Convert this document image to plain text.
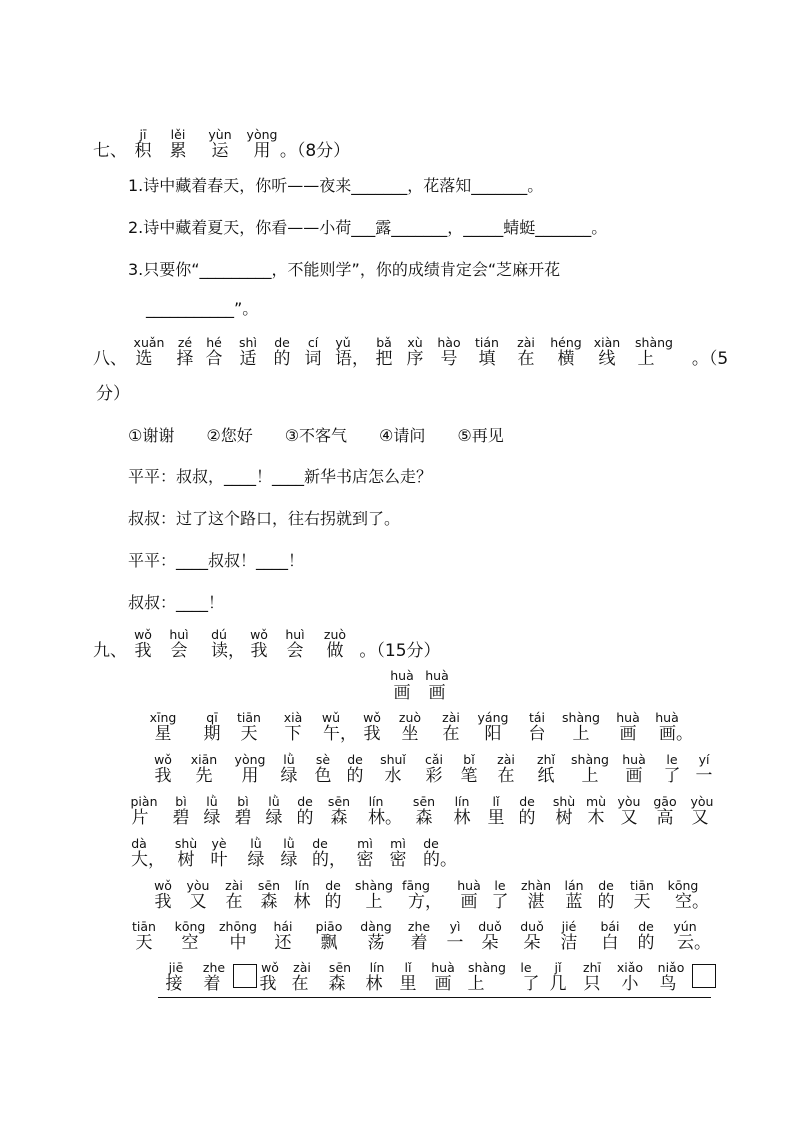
jī lěi yùn yòng
七、 积 累 运 用 。（8分）
1.诗中藏着春天，你听——夜来_______，花落知_______。
2.诗中藏着夏天，你看——小荷___露_______，_____蜻蜓_______。
3.只要你“_________，不能则学”，你的成绩肯定会“芝麻开花
___________”。
xuǎn zé hé shì de cí yǔ bǎ xù hào tián zài héng xiàn shàng
八、 选 择 合 适 的 词 语， 把 序 号 填 在 横 线 上 。（5
分）
①谢谢　　②您好　　③不客气　　④请问　　⑤再见
平平：叔叔，____！____新华书店怎么走？
叔叔：过了这个路口，往右拐就到了。
平平：____叔叔！____！
叔叔：____！
wǒ huì dú wǒ huì zuò
九、 我 会 读， 我 会 做 。（15分）
huà huà
画 画
xīng qī tiān xià wǔ wǒ zuò zài yáng tái shàng huà huà
星 期 天 下 午， 我 坐 在 阳 台 上 画 画。
wǒ xiān yòng lǜ sè de shuǐ cǎi bǐ zài zhǐ shàng huà le yí
我 先 用 绿 色 的 水 彩 笔 在 纸 上 画 了 一
piàn bì lǜ bì lǜ de sēn lín sēn lín lǐ de shù mù yòu gāo yòu
片 碧 绿 碧 绿 的 森 林。 森 林 里 的 树 木 又 高 又
dà shù yè lǜ lǜ de mì mì de
大， 树 叶 绿 绿 的， 密 密 的。
wǒ yòu zài sēn lín de shàng fāng huà le zhàn lán de tiān kōng
我 又 在 森 林 的 上 方， 画 了 湛 蓝 的 天 空。
tiān kōng zhōng hái piāo dàng zhe yì duǒ duǒ jié bái de yún
天 空 中 还 飘 荡 着 一 朵 朵 洁 白 的 云。
jiē zhe	wǒ zài sēn lín lǐ huà shàng le jǐ zhī xiǎo niǎo
接 着 我 在 森 林 里 画 上 了 几 只 小 鸟
